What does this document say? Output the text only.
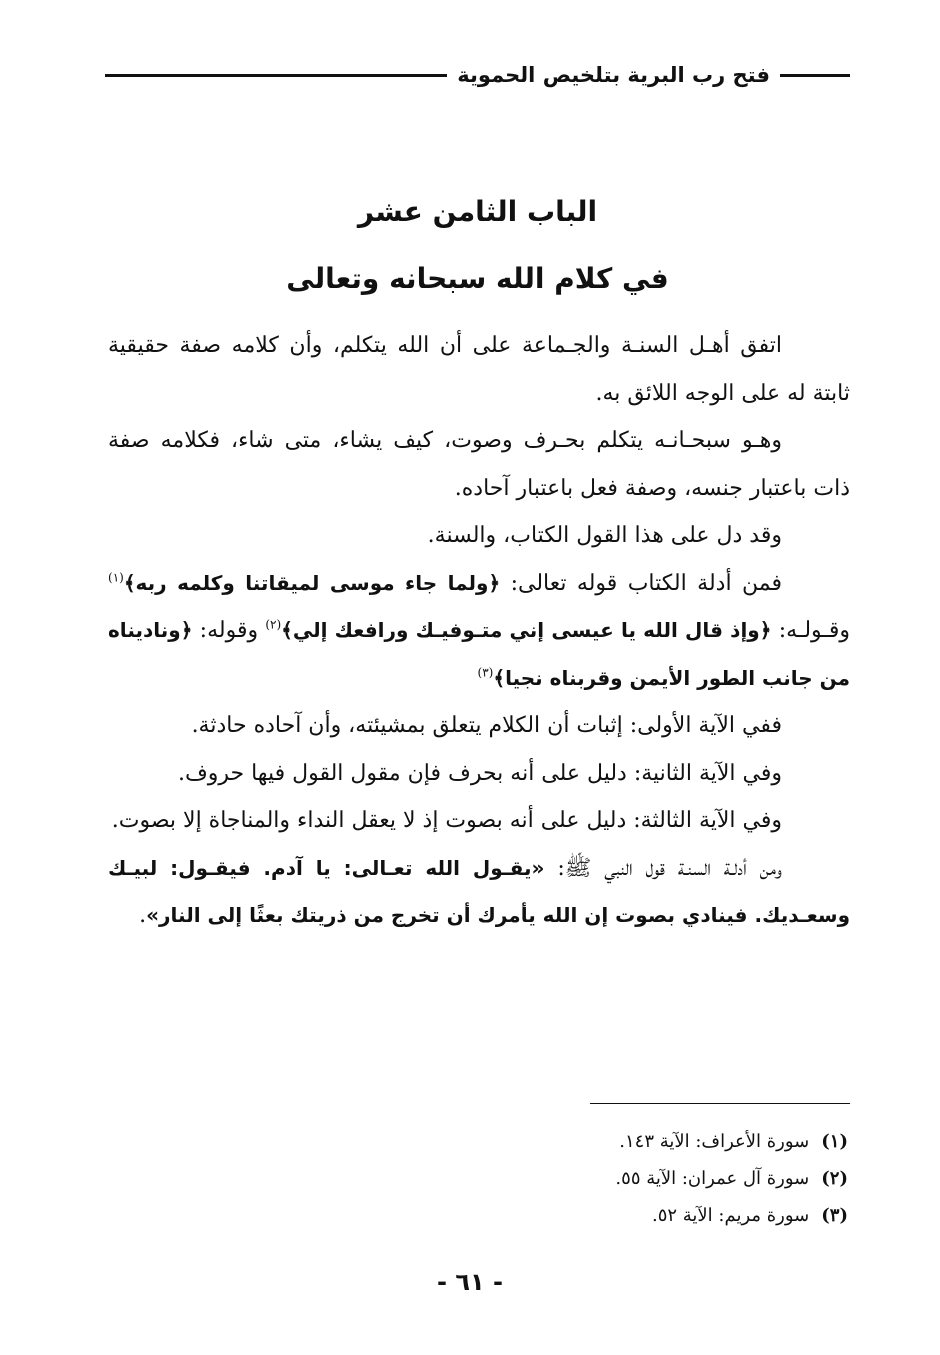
فتح رب البرية بتلخيص الحموية
الباب الثامن عشر
في كلام الله سبحانه وتعالى

اتفق أهـل السنـة والجـماعة على أن الله يتكلم، وأن كلامه صفة حقيقية ثابتة له على الوجه اللائق به.

وهـو سبحـانـه يتكلم بحـرف وصوت، كيف يشاء، متى شاء، فكلامه صفة ذات باعتبار جنسه، وصفة فعل باعتبار آحاده.

وقد دل على هذا القول الكتاب، والسنة.

فمن أدلة الكتاب قوله تعالى: ﴿ولما جاء موسى لميقاتنا وكلمه ربه﴾$^{(١)}$ وقـولـه: ﴿وإذ قال الله يا عيسى إني متـوفيـك ورافعك إلي﴾$^{(٢)}$ وقوله: ﴿وناديناه من جانب الطور الأيمن وقربناه نجيا﴾$^{(٣)}$

ففي الآية الأولى: إثبات أن الكلام يتعلق بمشيئته، وأن آحاده حادثة.

وفي الآية الثانية: دليل على أنه بحرف فإن مقول القول فيها حروف.

وفي الآية الثالثة: دليل على أنه بصوت إذ لا يعقل النداء والمناجاة إلا بصوت.

ومن أدلـة السنـة قول النبي ﷺ: «يقـول الله تعـالى: يا آدم. فيقـول: لبيـك وسعـديك. فينادي بصوت إن الله يأمرك أن تخرج من ذريتك بعثًا إلى النار».

(١)
سورة الأعراف: الآية ١٤٣.
(٢)
سورة آل عمران: الآية ٥٥.
(٣)
سورة مريم: الآية ٥٢.
- ٦١ -
